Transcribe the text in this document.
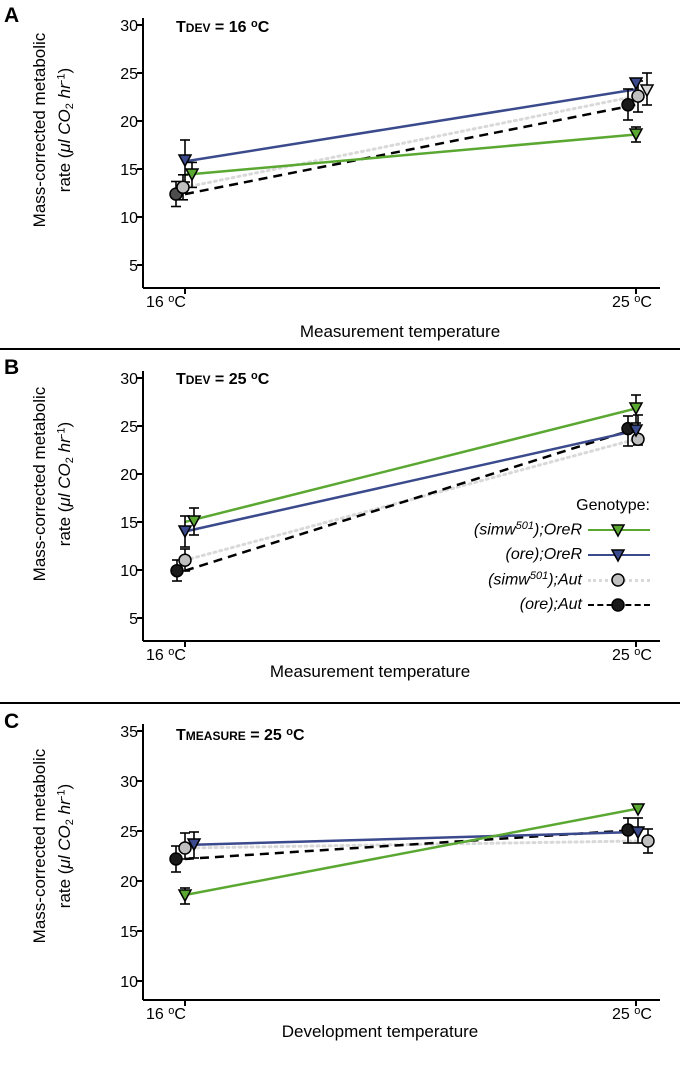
A
Mass-corrected metabolic rate (μl $CO_2$ $hr^{-1}$)
TDEV = 16 $^o$C
5
10
15
20
25
30
16 $^o$C	25 $^o$C
Measurement temperature
B
Mass-corrected metabolic rate (μl $CO_2$ $hr^{-1}$)
TDEV = 25 $^o$C
5
10
15
20
25
30
16 $^o$C	25 $^o$C
Measurement temperature
Genotype:
(simw$^{501}$);OreR
(ore);OreR
(simw$^{501}$);Aut
(ore);Aut
C
Mass-corrected metabolic rate (μl $CO_2$ $hr^{-1}$)
TMEASURE = 25 $^o$C
10
15
20
25
30
35
16 $^o$C	25 $^o$C
Development temperature
